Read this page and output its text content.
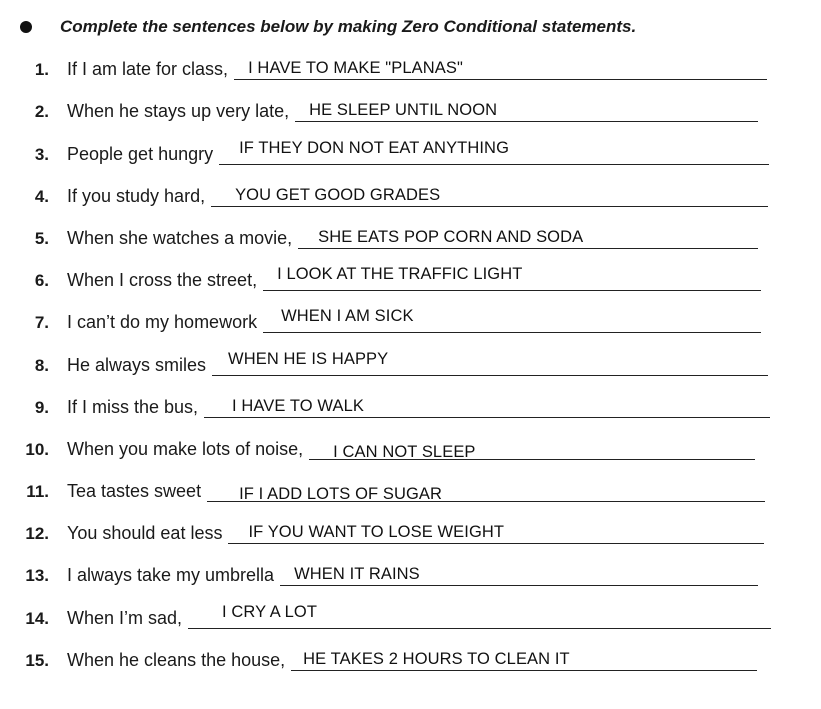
Complete the sentences below by making Zero Conditional statements.
1. If I am late for class, I HAVE TO MAKE "PLANAS"
2. When he stays up very late, HE SLEEP UNTIL NOON
3. People get hungry IF THEY DON NOT EAT ANYTHING
4. If you study hard, YOU GET GOOD GRADES
5. When she watches a movie, SHE EATS POP CORN AND SODA
6. When I cross the street, I LOOK AT THE TRAFFIC LIGHT
7. I can’t do my homework WHEN I AM SICK
8. He always smiles WHEN HE IS HAPPY
9. If I miss the bus, I HAVE TO WALK
10. When you make lots of noise, I CAN NOT SLEEP
11. Tea tastes sweet IF I ADD LOTS OF SUGAR
12. You should eat less IF YOU WANT TO LOSE WEIGHT
13. I always take my umbrella WHEN IT RAINS
14. When I’m sad, I CRY A LOT
15. When he cleans the house, HE TAKES 2 HOURS TO CLEAN IT
